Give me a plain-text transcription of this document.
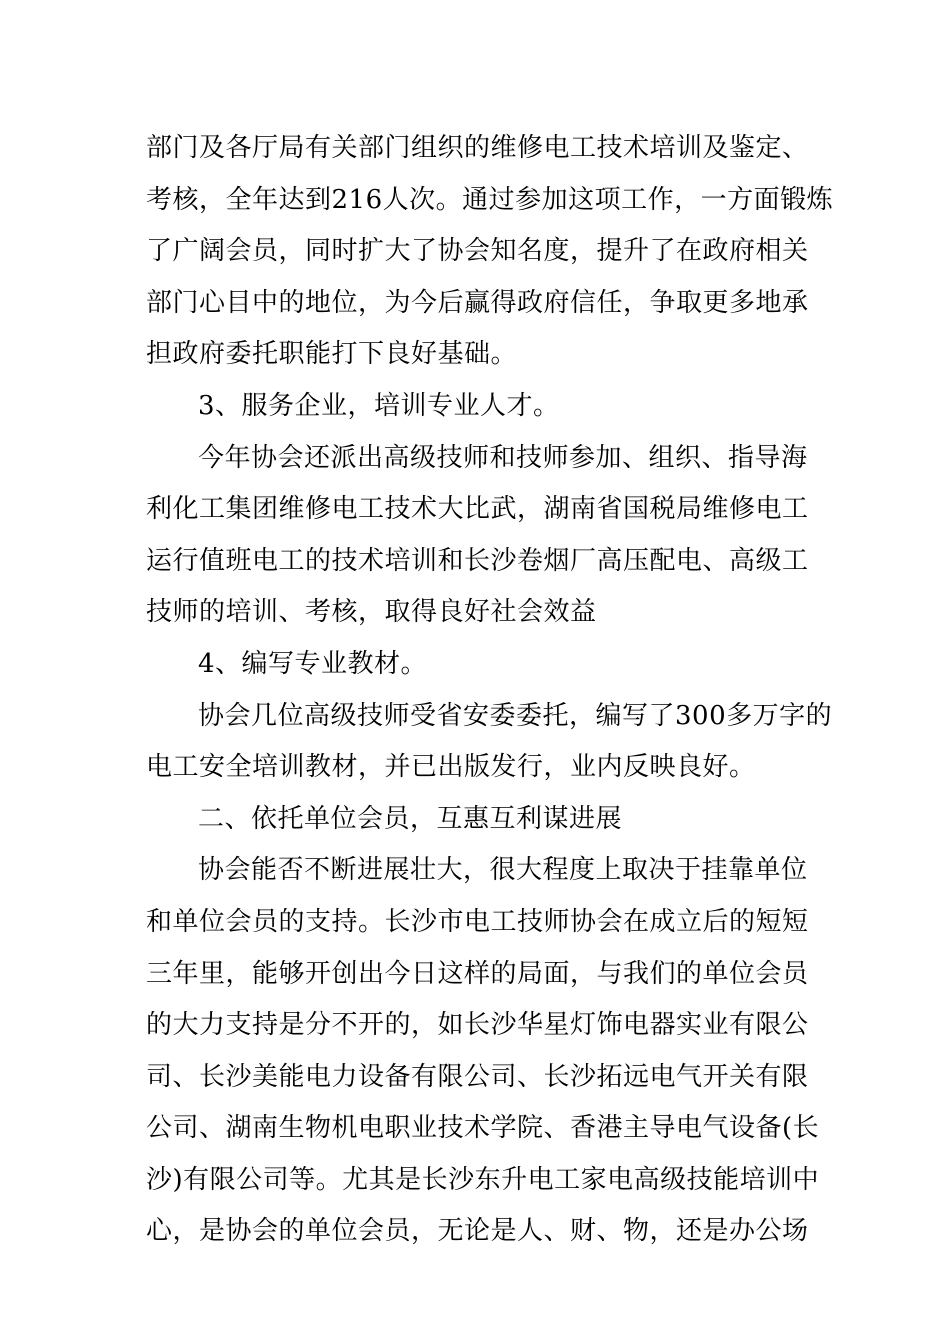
部门及各厅局有关部门组织的维修电工技术培训及鉴定、
考核，全年达到216人次。通过参加这项工作，一方面锻炼
了广阔会员，同时扩大了协会知名度，提升了在政府相关
部门心目中的地位，为今后赢得政府信任，争取更多地承
担政府委托职能打下良好基础。
3、服务企业，培训专业人才。
今年协会还派出高级技师和技师参加、组织、指导海
利化工集团维修电工技术大比武，湖南省国税局维修电工
运行值班电工的技术培训和长沙卷烟厂高压配电、高级工
技师的培训、考核，取得良好社会效益
4、编写专业教材。
协会几位高级技师受省安委委托，编写了300多万字的
电工安全培训教材，并已出版发行，业内反映良好。
二、依托单位会员，互惠互利谋进展
协会能否不断进展壮大，很大程度上取决于挂靠单位
和单位会员的支持。长沙市电工技师协会在成立后的短短
三年里，能够开创出今日这样的局面，与我们的单位会员
的大力支持是分不开的，如长沙华星灯饰电器实业有限公
司、长沙美能电力设备有限公司、长沙拓远电气开关有限
公司、湖南生物机电职业技术学院、香港主导电气设备(长
沙)有限公司等。尤其是长沙东升电工家电高级技能培训中
心，是协会的单位会员，无论是人、财、物，还是办公场
